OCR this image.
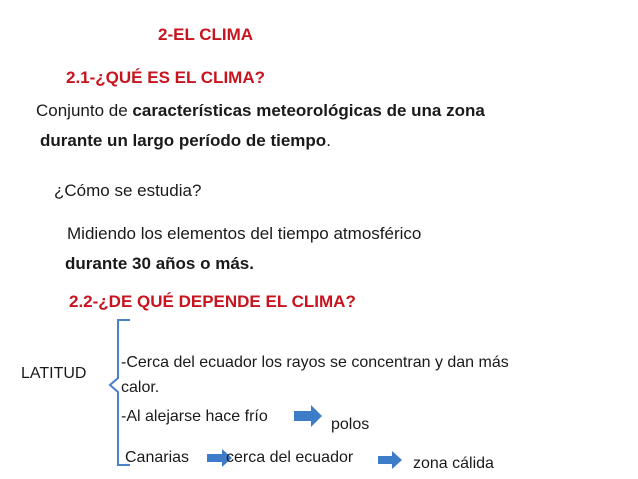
2-EL CLIMA
2.1-¿QUÉ ES EL CLIMA?
Conjunto de características meteorológicas de una zona
durante un largo período de tiempo.
¿Cómo se estudia?
Midiendo los elementos del tiempo atmosférico
durante 30 años o más.
2.2-¿DE QUÉ DEPENDE EL CLIMA?
LATITUD
-Cerca del ecuador los rayos se concentran y dan más
calor.
-Al alejarse hace frío	polos
Canarias cerca del ecuador	zona cálida
